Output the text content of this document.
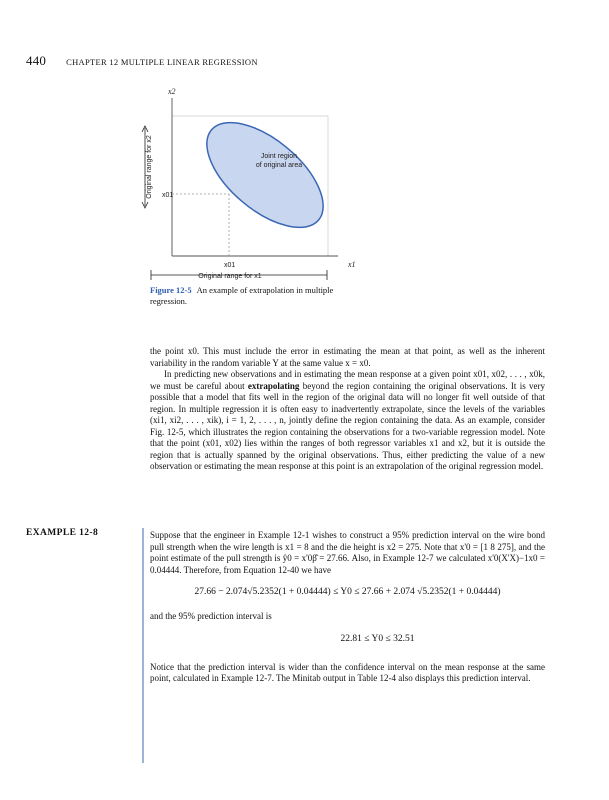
440 CHAPTER 12 MULTIPLE LINEAR REGRESSION
x2
Joint region
of original area
x01
x01	x1
Original range for x2
Original range for x1
Figure 12-5 An example of extrapolation in multiple regression.

the point x0. This must include the error in estimating the mean at that point, as well as the inherent variability in the random variable Y at the same value x = x0.

In predicting new observations and in estimating the mean response at a given point x01, x02, . . . , x0k, we must be careful about extrapolating beyond the region containing the original observations. It is very possible that a model that fits well in the region of the original data will no longer fit well outside of that region. In multiple regression it is often easy to inadvertently extrapolate, since the levels of the variables (xi1, xi2, . . . , xik), i = 1, 2, . . . , n, jointly define the region containing the data. As an example, consider Fig. 12-5, which illustrates the region containing the observations for a two-variable regression model. Note that the point (x01, x02) lies within the ranges of both regressor variables x1 and x2, but it is outside the region that is actually spanned by the original observations. Thus, either predicting the value of a new observation or estimating the mean response at this point is an extrapolation of the original regression model.

EXAMPLE 12-8	Suppose that the engineer in Example 12-1 wishes to construct a 95% prediction interval on the wire bond pull strength when the wire length is x1 = 8 and the die height is x2 = 275. Note that x'0 = [1 8 275], and the point estimate of the pull strength is ŷ0 = x'0β̂ = 27.66. Also, in Example 12-7 we calculated x'0(X'X)−1x0 = 0.04444. Therefore, from Equation 12-40 we have

27.66 − 2.074√5.2352(1 + 0.04444) ≤ Y0 ≤ 27.66 + 2.074 √5.2352(1 + 0.04444)

and the 95% prediction interval is

22.81 ≤ Y0 ≤ 32.51

Notice that the prediction interval is wider than the confidence interval on the mean response at the same point, calculated in Example 12-7. The Minitab output in Table 12-4 also displays this prediction interval.
